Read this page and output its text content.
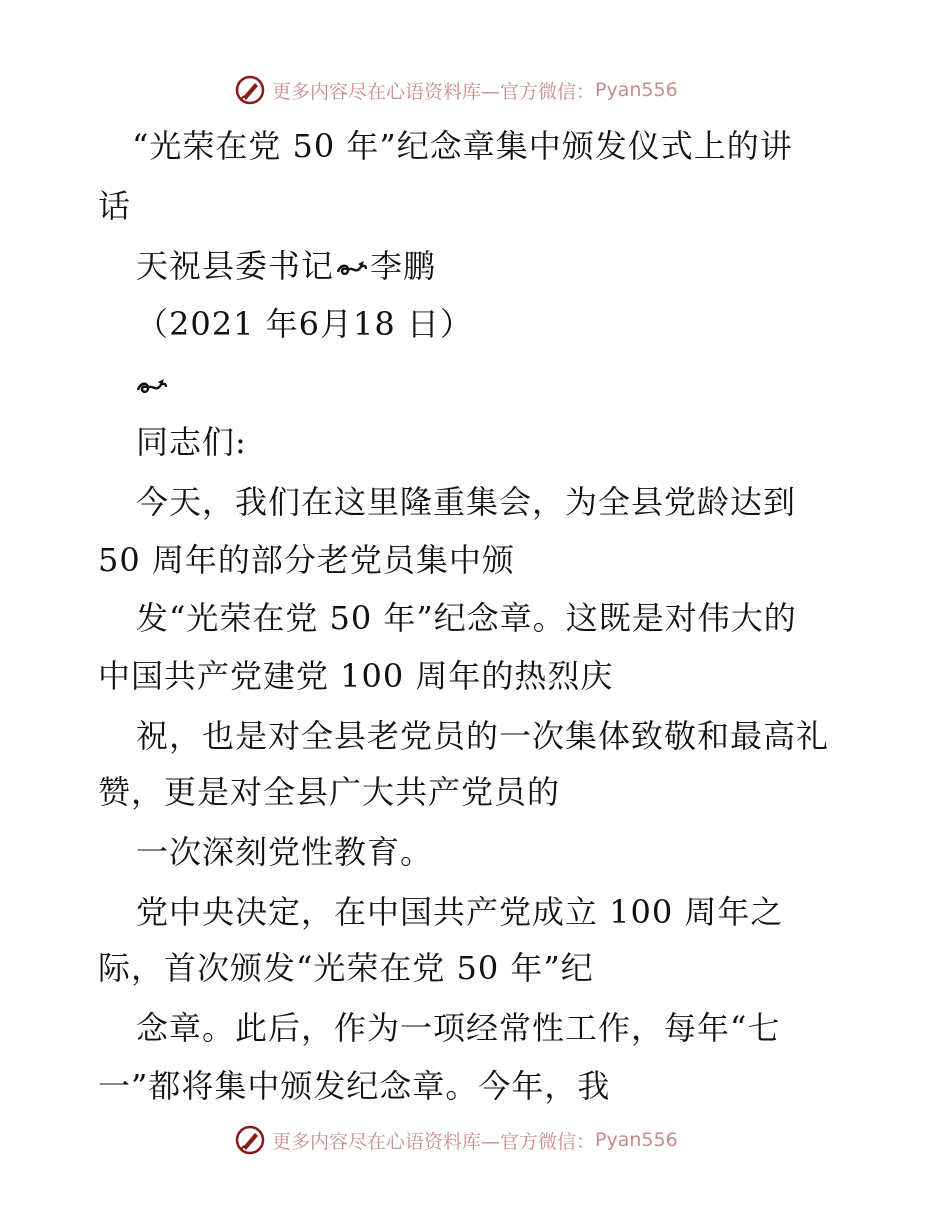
更多内容尽在心语资料库—官方微信： Pyan556
“光荣在党 50 年”纪念章集中颁发仪式上的讲
话
天祝县委书记 李鹏
（2021 年6月18 日）
同志们:
今天，我们在这里隆重集会，为全县党龄达到
50 周年的部分老党员集中颁
发“光荣在党 50 年”纪念章。这既是对伟大的
中国共产党建党 100 周年的热烈庆
祝，也是对全县老党员的一次集体致敬和最高礼
赞，更是对全县广大共产党员的
一次深刻党性教育。
党中央决定，在中国共产党成立 100 周年之
际，首次颁发“光荣在党 50 年”纪
念章。此后，作为一项经常性工作，每年“七
一”都将集中颁发纪念章。今年，我
更多内容尽在心语资料库—官方微信： Pyan556
